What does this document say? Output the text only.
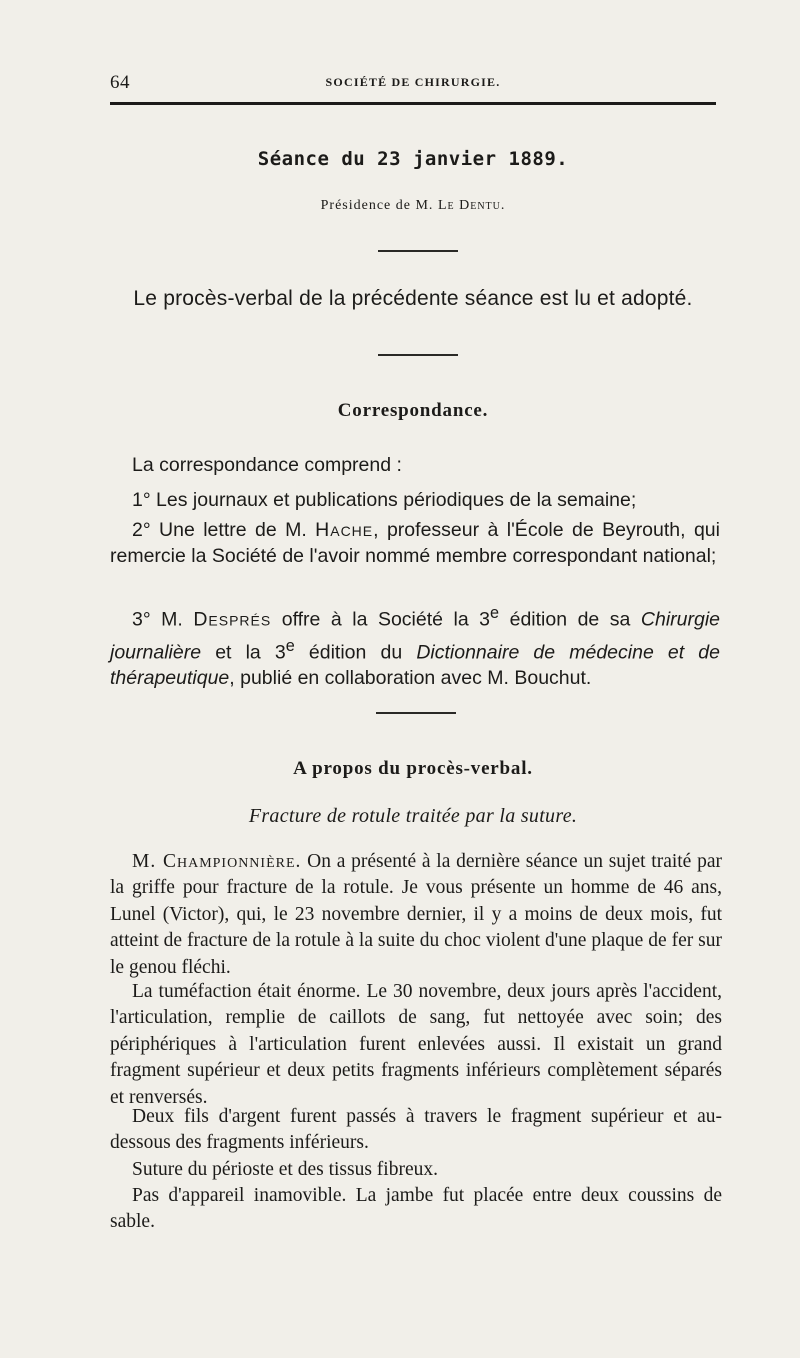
64	SOCIÉTÉ DE CHIRURGIE.
Séance du 23 janvier 1889.
Présidence de M. Le Dentu.
Le procès-verbal de la précédente séance est lu et adopté.
Correspondance.
La correspondance comprend :
1° Les journaux et publications périodiques de la semaine;
2° Une lettre de M. Hache, professeur à l'École de Beyrouth, qui remercie la Société de l'avoir nommé membre correspondant national;
3° M. Després offre à la Société la 3e édition de sa Chirurgie journalière et la 3e édition du Dictionnaire de médecine et de thérapeutique, publié en collaboration avec M. Bouchut.
A propos du procès-verbal.
Fracture de rotule traitée par la suture.
M. Championnière. On a présenté à la dernière séance un sujet traité par la griffe pour fracture de la rotule. Je vous présente un homme de 46 ans, Lunel (Victor), qui, le 23 novembre dernier, il y a moins de deux mois, fut atteint de fracture de la rotule à la suite du choc violent d'une plaque de fer sur le genou fléchi.
La tuméfaction était énorme. Le 30 novembre, deux jours après l'accident, l'articulation, remplie de caillots de sang, fut nettoyée avec soin; des périphériques à l'articulation furent enlevées aussi. Il existait un grand fragment supérieur et deux petits fragments inférieurs complètement séparés et renversés.
Deux fils d'argent furent passés à travers le fragment supérieur et au-dessous des fragments inférieurs.
Suture du périoste et des tissus fibreux.
Pas d'appareil inamovible. La jambe fut placée entre deux coussins de sable.
